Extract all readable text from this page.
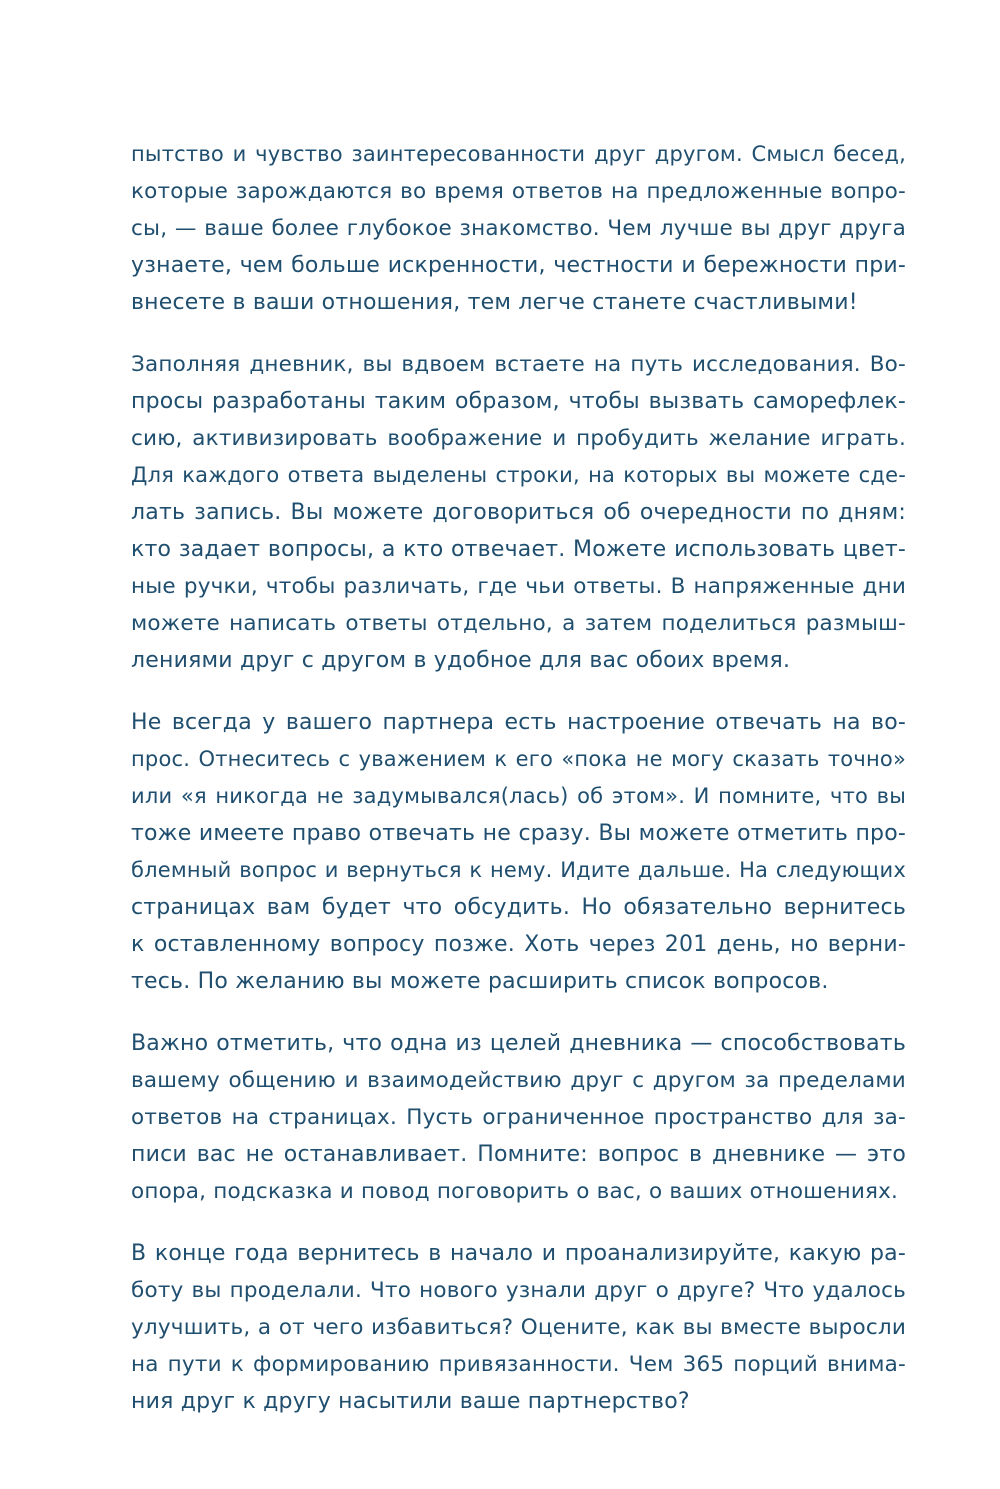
пытство и чувство заинтересованности друг другом. Смысл бесед,
которые зарождаются во время ответов на предложенные вопро-
сы, — ваше более глубокое знакомство. Чем лучше вы друг друга
узнаете, чем больше искренности, честности и бережности при-
внесете в ваши отношения, тем легче станете счастливыми!
Заполняя дневник, вы вдвоем встаете на путь исследования. Во-
просы разработаны таким образом, чтобы вызвать саморефлек-
сию, активизировать воображение и пробудить желание играть.
Для каждого ответа выделены строки, на которых вы можете сде-
лать запись. Вы можете договориться об очередности по дням:
кто задает вопросы, а кто отвечает. Можете использовать цвет-
ные ручки, чтобы различать, где чьи ответы. В напряженные дни
можете написать ответы отдельно, а затем поделиться размыш-
лениями друг с другом в удобное для вас обоих время.
Не всегда у вашего партнера есть настроение отвечать на во-
прос. Отнеситесь с уважением к его «пока не могу сказать точно»
или «я никогда не задумывался(лась) об этом». И помните, что вы
тоже имеете право отвечать не сразу. Вы можете отметить про-
блемный вопрос и вернуться к нему. Идите дальше. На следующих
страницах вам будет что обсудить. Но обязательно вернитесь
к оставленному вопросу позже. Хоть через 201 день, но верни-
тесь. По желанию вы можете расширить список вопросов.
Важно отметить, что одна из целей дневника — способствовать
вашему общению и взаимодействию друг с другом за пределами
ответов на страницах. Пусть ограниченное пространство для за-
писи вас не останавливает. Помните: вопрос в дневнике — это
опора, подсказка и повод поговорить о вас, о ваших отношениях.
В конце года вернитесь в начало и проанализируйте, какую ра-
боту вы проделали. Что нового узнали друг о друге? Что удалось
улучшить, а от чего избавиться? Оцените, как вы вместе выросли
на пути к формированию привязанности. Чем 365 порций внима-
ния друг к другу насытили ваше партнерство?
